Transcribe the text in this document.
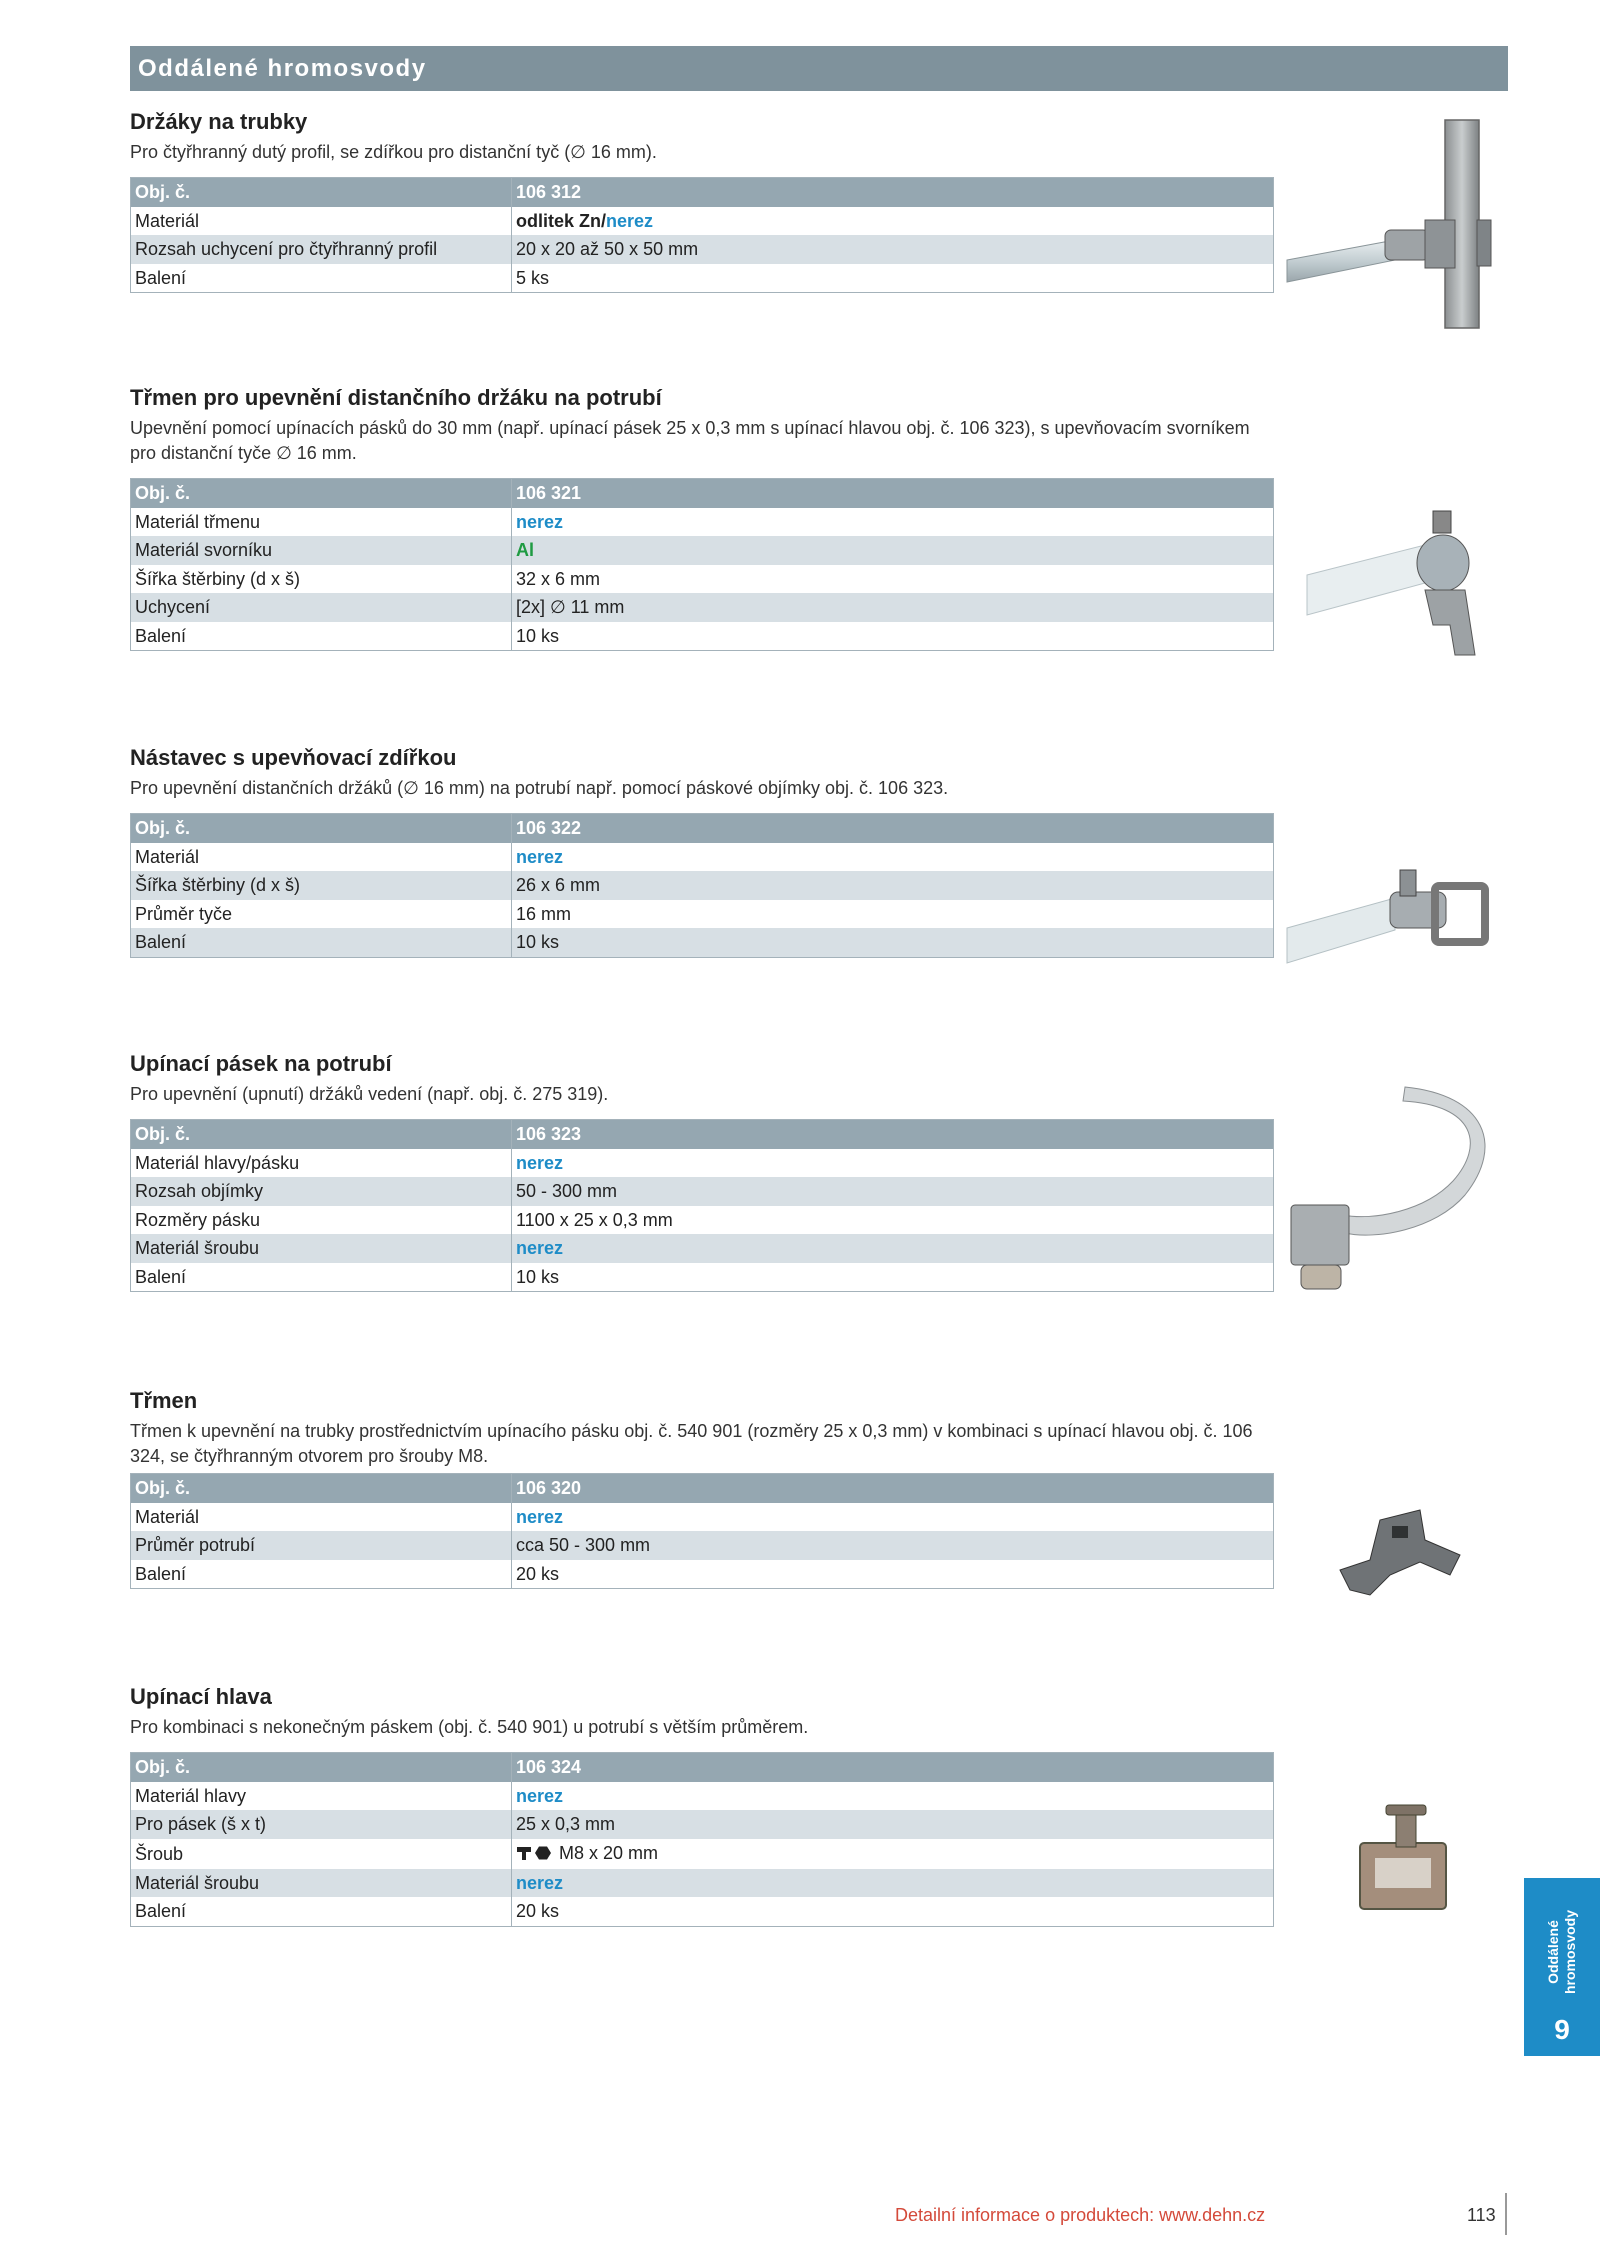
Oddálené hromosvody
Držáky na trubky

Pro čtyřhranný dutý profil, se zdířkou pro distanční tyč (∅ 16 mm).

Obj. č.	106 312
Materiál	odlitek Zn/nerez
Rozsah uchycení pro čtyřhranný profil	20 x 20 až 50 x 50 mm
Balení	5 ks
Třmen pro upevnění distančního držáku na potrubí

Upevnění pomocí upínacích pásků do 30 mm (např. upínací pásek 25 x 0,3 mm s upínací hlavou obj. č. 106 323), s upevňovacím svorníkem pro distanční tyče ∅ 16 mm.

Obj. č.	106 321
Materiál třmenu	nerez
Materiál svorníku	Al
Šířka štěrbiny (d x š)	32 x 6 mm
Uchycení	[2x] ∅ 11 mm
Balení	10 ks
Nástavec s upevňovací zdířkou

Pro upevnění distančních držáků (∅ 16 mm) na potrubí např. pomocí páskové objímky obj. č. 106 323.

Obj. č.	106 322
Materiál	nerez
Šířka štěrbiny (d x š)	26 x 6 mm
Průměr tyče	16 mm
Balení	10 ks
Upínací pásek na potrubí

Pro upevnění (upnutí) držáků vedení (např. obj. č. 275 319).

Obj. č.	106 323
Materiál hlavy/pásku	nerez
Rozsah objímky	50 - 300 mm
Rozměry pásku	1100 x 25 x 0,3 mm
Materiál šroubu	nerez
Balení	10 ks
Třmen

Třmen k upevnění na trubky prostřednictvím upínacího pásku obj. č. 540 901 (rozměry 25 x 0,3 mm) v kombinaci s upínací hlavou obj. č. 106 324, se čtyřhranným otvorem pro šrouby M8.

Obj. č.	106 320
Materiál	nerez
Průměr potrubí	cca 50 - 300 mm
Balení	20 ks
Upínací hlava

Pro kombinaci s nekonečným páskem (obj. č. 540 901) u potrubí s větším průměrem.

Obj. č.	106 324
Materiál hlavy	nerez
Pro pásek (š x t)	25 x 0,3 mm
Šroub	M8 x 20 mm
Materiál šroubu	nerez
Balení	20 ks
Oddálené hromosvody
9
Detailní informace o produktech: www.dehn.cz	113
